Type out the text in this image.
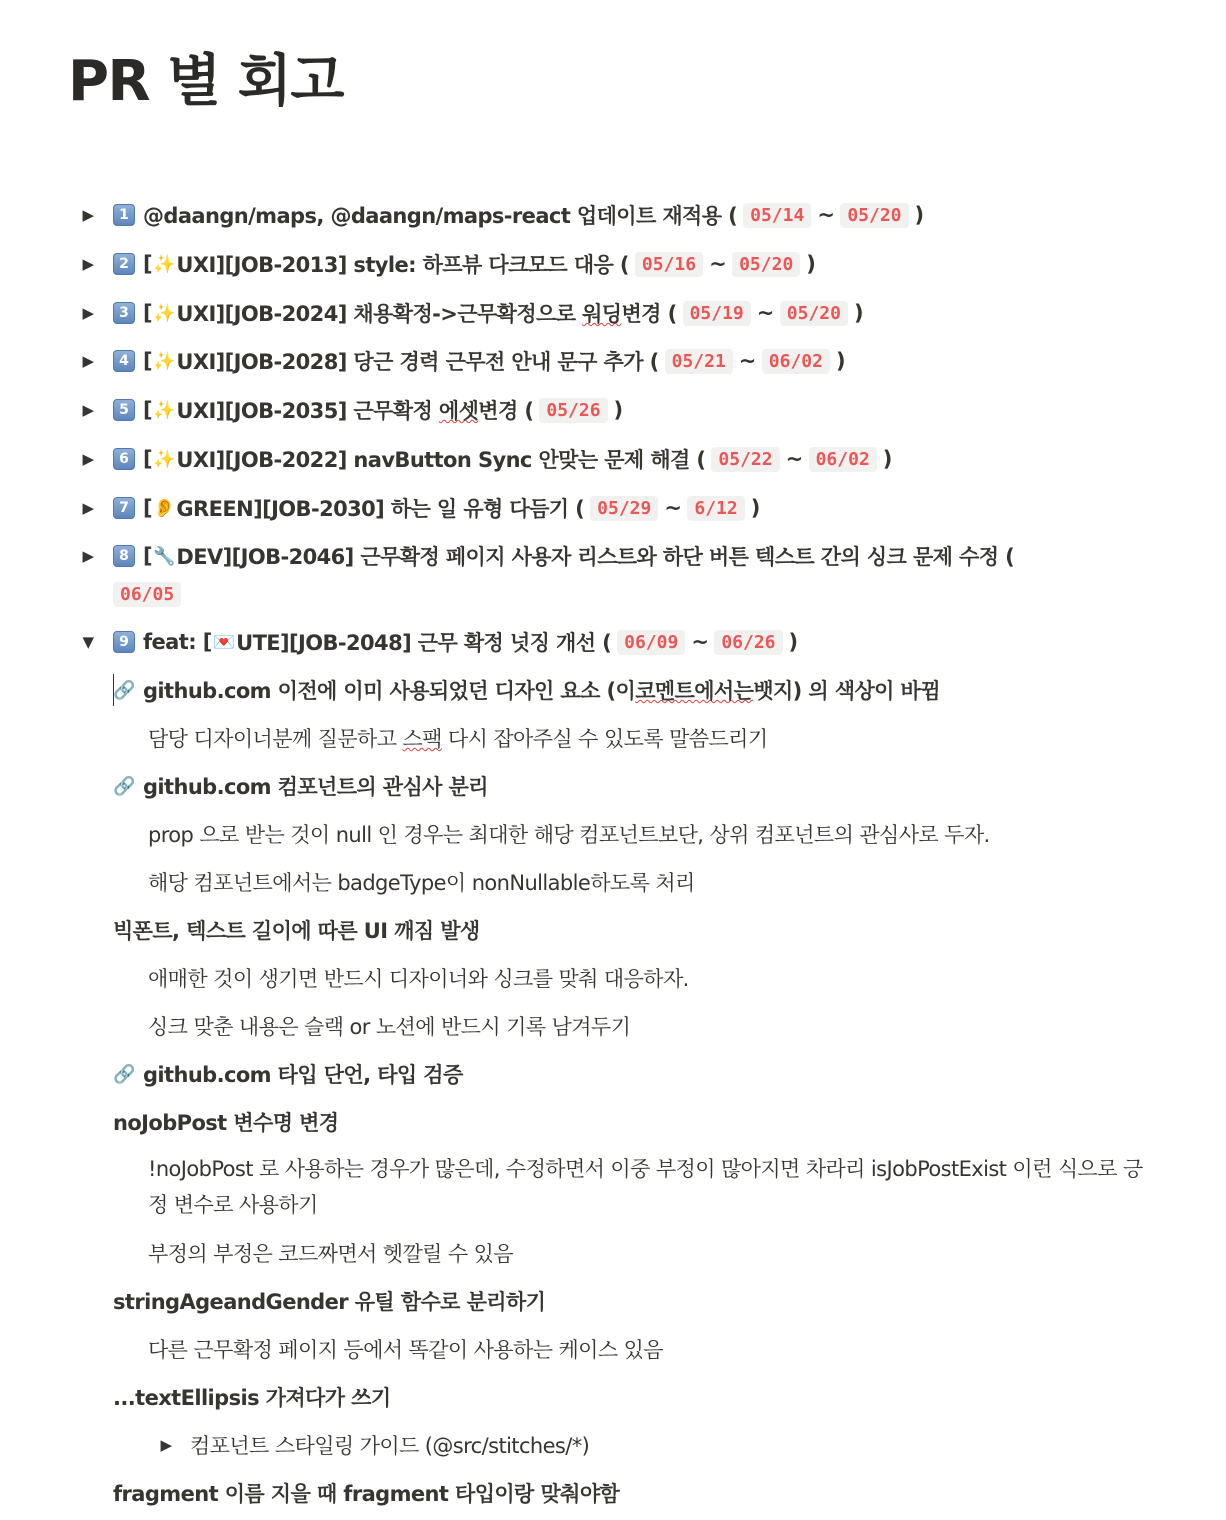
PR 별 회고
▶	1 @daangn/maps, @daangn/maps-react 업데이트 재적용 ( 05/14 ~ 05/20 )
▶	2 [ ✨ UXI][JOB-2013] style: 하프뷰 다크모드 대응 ( 05/16 ~ 05/20 )
▶	3 [ ✨ UXI][JOB-2024] 채용확정->근무확정으로
워딩 변경 ( 05/19 ~ 05/20 )
▶	4 [ ✨ UXI][JOB-2028] 당근 경력 근무전 안내 문구 추가 ( 05/21 ~ 06/02 )
▶	5 [ ✨ UXI][JOB-2035] 근무확정
에셋 변경 ( 05/26 )
▶	6 [ ✨ UXI][JOB-2022] navButton Sync 안맞는 문제 해결 ( 05/22 ~ 06/02 )
▶	7 [ 👂 GREEN][JOB-2030] 하는 일 유형 다듬기 ( 05/29 ~ 6/12 )
▶	8 [ 🔧 DEV][JOB-2046] 근무확정 페이지 사용자 리스트와 하단 버튼 텍스트 간의 싱크 문제 수정 (
06/05
▼	9 feat: [ 💌 UTE][JOB-2048] 근무 확정 넛징 개선 ( 06/09 ~ 06/26 )
🔗 github.com 이전에 이미 사용되었던 디자인 요소 (이 코멘트에서는 뱃지) 의 색상이 바뀜
담당 디자이너분께 질문하고 스팩 다시 잡아주실 수 있도록 말씀드리기
🔗 github.com 컴포넌트의 관심사 분리
prop 으로 받는 것이 null 인 경우는 최대한 해당 컴포넌트보단, 상위 컴포넌트의 관심사로 두자.
해당 컴포넌트에서는 badgeType이 nonNullable하도록 처리
빅폰트, 텍스트 길이에 따른 UI 깨짐 발생
애매한 것이 생기면 반드시 디자이너와 싱크를 맞춰 대응하자.
싱크 맞춘 내용은 슬랙 or 노션에 반드시 기록 남겨두기
🔗 github.com 타입 단언, 타입 검증
noJobPost 변수명 변경
!noJobPost 로 사용하는 경우가 많은데, 수정하면서 이중 부정이 많아지면 차라리 isJobPostExist 이런 식으로 긍정 변수로 사용하기
부정의 부정은 코드짜면서 헷깔릴 수 있음
stringAgeandGender 유틸 함수로 분리하기
다른 근무확정 페이지 등에서 똑같이 사용하는 케이스 있음
...textEllipsis 가져다가 쓰기
▶ 컴포넌트 스타일링 가이드 (@src/stitches/*)
fragment 이름 지을 때 fragment 타입이랑 맞춰야함
